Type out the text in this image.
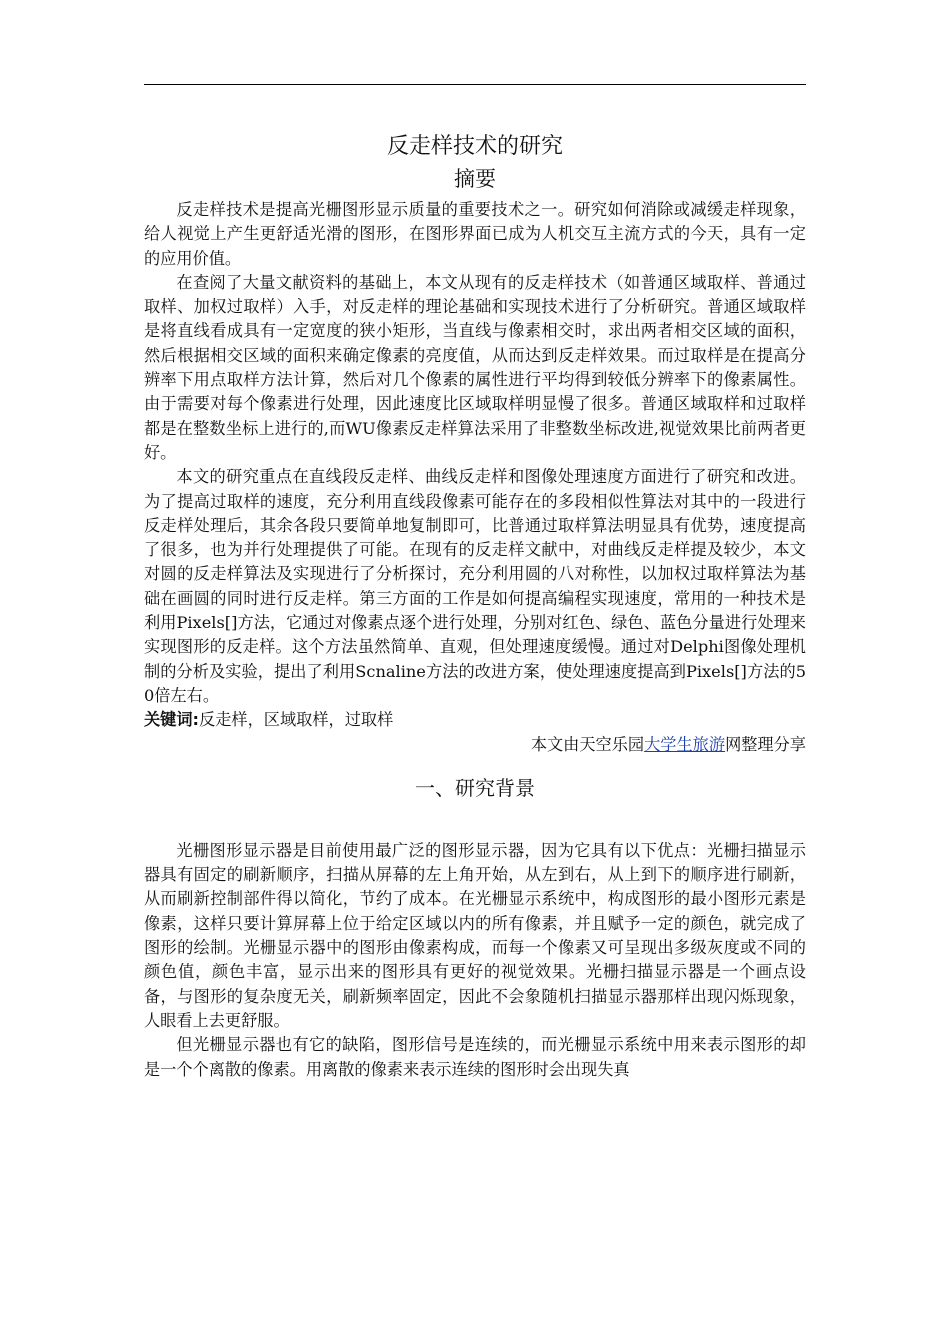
反走样技术的研究
摘要

反走样技术是提高光栅图形显示质量的重要技术之一。研究如何消除或减缓走样现象，给人视觉上产生更舒适光滑的图形，在图形界面已成为人机交互主流方式的今天，具有一定的应用价值。

在查阅了大量文献资料的基础上，本文从现有的反走样技术（如普通区域取样、普通过取样、加权过取样）入手，对反走样的理论基础和实现技术进行了分析研究。普通区域取样是将直线看成具有一定宽度的狭小矩形，当直线与像素相交时，求出两者相交区域的面积，然后根据相交区域的面积来确定像素的亮度值，从而达到反走样效果。而过取样是在提高分辨率下用点取样方法计算，然后对几个像素的属性进行平均得到较低分辨率下的像素属性。由于需要对每个像素进行处理，因此速度比区域取样明显慢了很多。普通区域取样和过取样都是在整数坐标上进行的,而WU像素反走样算法采用了非整数坐标改进,视觉效果比前两者更好。

本文的研究重点在直线段反走样、曲线反走样和图像处理速度方面进行了研究和改进。为了提高过取样的速度，充分利用直线段像素可能存在的多段相似性算法对其中的一段进行反走样处理后，其余各段只要简单地复制即可，比普通过取样算法明显具有优势，速度提高了很多，也为并行处理提供了可能。在现有的反走样文献中，对曲线反走样提及较少，本文对圆的反走样算法及实现进行了分析探讨，充分利用圆的八对称性，以加权过取样算法为基础在画圆的同时进行反走样。第三方面的工作是如何提高编程实现速度，常用的一种技术是利用Pixels[]方法，它通过对像素点逐个进行处理，分别对红色、绿色、蓝色分量进行处理来实现图形的反走样。这个方法虽然简单、直观，但处理速度缓慢。通过对Delphi图像处理机制的分析及实验，提出了利用Scnaline方法的改进方案，使处理速度提高到Pixels[]方法的50倍左右。

关键词:反走样，区域取样，过取样

本文由天空乐园大学生旅游网整理分享

一、研究背景

光栅图形显示器是目前使用最广泛的图形显示器，因为它具有以下优点：光栅扫描显示器具有固定的刷新顺序，扫描从屏幕的左上角开始，从左到右，从上到下的顺序进行刷新，从而刷新控制部件得以简化，节约了成本。在光栅显示系统中，构成图形的最小图形元素是像素，这样只要计算屏幕上位于给定区域以内的所有像素，并且赋予一定的颜色，就完成了图形的绘制。光栅显示器中的图形由像素构成，而每一个像素又可呈现出多级灰度或不同的颜色值，颜色丰富，显示出来的图形具有更好的视觉效果。光栅扫描显示器是一个画点设备，与图形的复杂度无关，刷新频率固定，因此不会象随机扫描显示器那样出现闪烁现象，人眼看上去更舒服。

但光栅显示器也有它的缺陷，图形信号是连续的，而光栅显示系统中用来表示图形的却是一个个离散的像素。用离散的像素来表示连续的图形时会出现失真
